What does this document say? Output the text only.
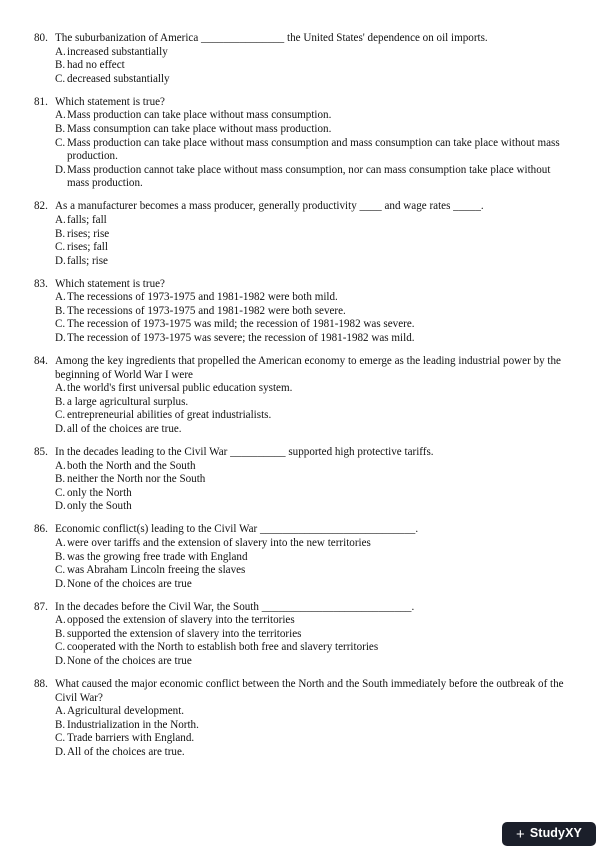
80. The suburbanization of America _______________ the United States' dependence on oil imports.
A. increased substantially
B. had no effect
C. decreased substantially
81. Which statement is true?
A. Mass production can take place without mass consumption.
B. Mass consumption can take place without mass production.
C. Mass production can take place without mass consumption and mass consumption can take place without mass production.
D. Mass production cannot take place without mass consumption, nor can mass consumption take place without mass production.
82. As a manufacturer becomes a mass producer, generally productivity ____ and wage rates _____.
A. falls; fall
B. rises; rise
C. rises; fall
D. falls; rise
83. Which statement is true?
A. The recessions of 1973-1975 and 1981-1982 were both mild.
B. The recessions of 1973-1975 and 1981-1982 were both severe.
C. The recession of 1973-1975 was mild; the recession of 1981-1982 was severe.
D. The recession of 1973-1975 was severe; the recession of 1981-1982 was mild.
84. Among the key ingredients that propelled the American economy to emerge as the leading industrial power by the beginning of World War I were
A. the world's first universal public education system.
B. a large agricultural surplus.
C. entrepreneurial abilities of great industrialists.
D. all of the choices are true.
85. In the decades leading to the Civil War __________ supported high protective tariffs.
A. both the North and the South
B. neither the North nor the South
C. only the North
D. only the South
86. Economic conflict(s) leading to the Civil War ____________________________.
A. were over tariffs and the extension of slavery into the new territories
B. was the growing free trade with England
C. was Abraham Lincoln freeing the slaves
D. None of the choices are true
87. In the decades before the Civil War, the South ___________________________.
A. opposed the extension of slavery into the territories
B. supported the extension of slavery into the territories
C. cooperated with the North to establish both free and slavery territories
D. None of the choices are true
88. What caused the major economic conflict between the North and the South immediately before the outbreak of the Civil War?
A. Agricultural development.
B. Industrialization in the North.
C. Trade barriers with England.
D. All of the choices are true.
+ StudyXY
